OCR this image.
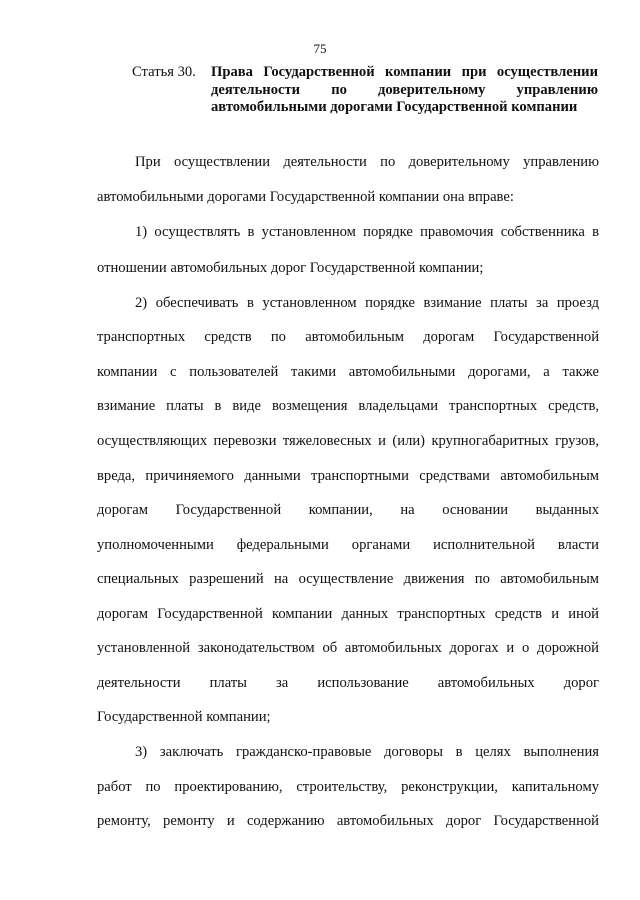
75
Статья 30. Права Государственной компании при осуществлении
деятельности по доверительному управлению
автомобильными дорогами Государственной компании
При осуществлении деятельности по доверительному управлению
автомобильными дорогами Государственной компании она вправе:
1) осуществлять в установленном порядке правомочия собственника в
отношении автомобильных дорог Государственной компании;
2) обеспечивать в установленном порядке взимание платы за проезд
транспортных средств по автомобильным дорогам Государственной
компании с пользователей такими автомобильными дорогами, а также
взимание платы в виде возмещения владельцами транспортных средств,
осуществляющих перевозки тяжеловесных и (или) крупногабаритных грузов,
вреда, причиняемого данными транспортными средствами автомобильным
дорогам Государственной компании, на основании выданных
уполномоченными федеральными органами исполнительной власти
специальных разрешений на осуществление движения по автомобильным
дорогам Государственной компании данных транспортных средств и иной
установленной законодательством об автомобильных дорогах и о дорожной
деятельности платы за использование автомобильных дорог
Государственной компании;
3) заключать гражданско-правовые договоры в целях выполнения
работ по проектированию, строительству, реконструкции, капитальному
ремонту, ремонту и содержанию автомобильных дорог Государственной
